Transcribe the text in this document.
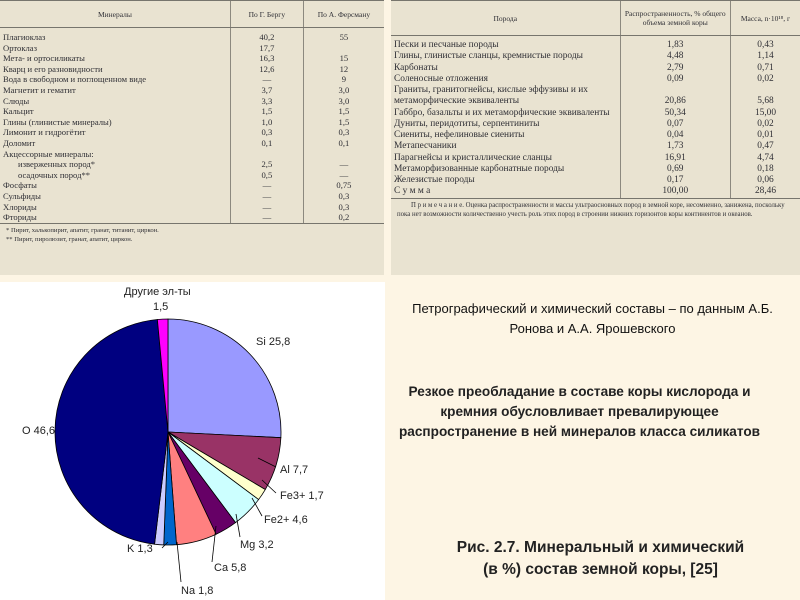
Минералы	По Г. Бергу	По А. Ферсману
Плагиоклаз	40,2	55
Ортоклаз	17,7	
Мета- и ортосиликаты	16,3	15
Кварц и его разновидности	12,6	12
Вода в свободном и поглощенном виде	—	9
Магнетит и гематит	3,7	3,0
Слюды	3,3	3,0
Кальцит	1,5	1,5
Глины (глинистые минералы)	1,0	1,5
Лимонит и гидрогётит	0,3	0,3
Доломит	0,1	0,1
Акцессорные минералы:		
изверженных пород*	2,5	—
осадочных пород**	0,5	—
Фосфаты	—	0,75
Сульфиды	—	0,3
Хлориды	—	0,3
Фториды	—	0,2
* Пирит, халькопирит, апатит, гранат, титанит, циркон.
** Пирит, пиролюзит, гранат, апатит, циркон.
Порода	Распространенность, % общего объема земной коры	Масса, n·10¹⁸, г
Пески и песчаные породы	1,83	0,43
Глины, глинистые сланцы, кремнистые породы	4,48	1,14
Карбонаты	2,79	0,71
Соленосные отложения	0,09	0,02
Граниты, гранитогнейсы, кислые эффузивы и их метаморфические эквиваленты	20,86	5,68
Габбро, базальты и их метаморфические эквиваленты	50,34	15,00
Дуниты, перидотиты, серпентиниты	0,07	0,02
Сиениты, нефелиновые сиениты	0,04	0,01
Метапесчаники	1,73	0,47
Парагнейсы и кристаллические сланцы	16,91	4,74
Метаморфизованные карбонатные породы	0,69	0,18
Железистые породы	0,17	0,06
С у м м а	100,00	28,46
П р и м е ч а н и е. Оценка распространенности и массы ультраосновных пород в земной коре, несомненно, занижена, поскольку пока нет возможности количественно учесть роль этих пород в строении нижних горизонтов коры континентов и океанов.
Si 25,8
Al 7,7
Fe3+ 1,7
Fe2+ 4,6
Mg 3,2
Ca 5,8
Na 1,8
K 1,3
O 46,6
Другие эл-ты
1,5	Петрографический и химический составы – по данным А.Б. Ронова и А.А. Ярошевского
Резкое преобладание в составе коры кислорода и кремния обусловливает превалирующее распространение в ней минералов класса силикатов
Рис. 2.7. Минеральный и химический
(в %) состав земной коры, [25]
